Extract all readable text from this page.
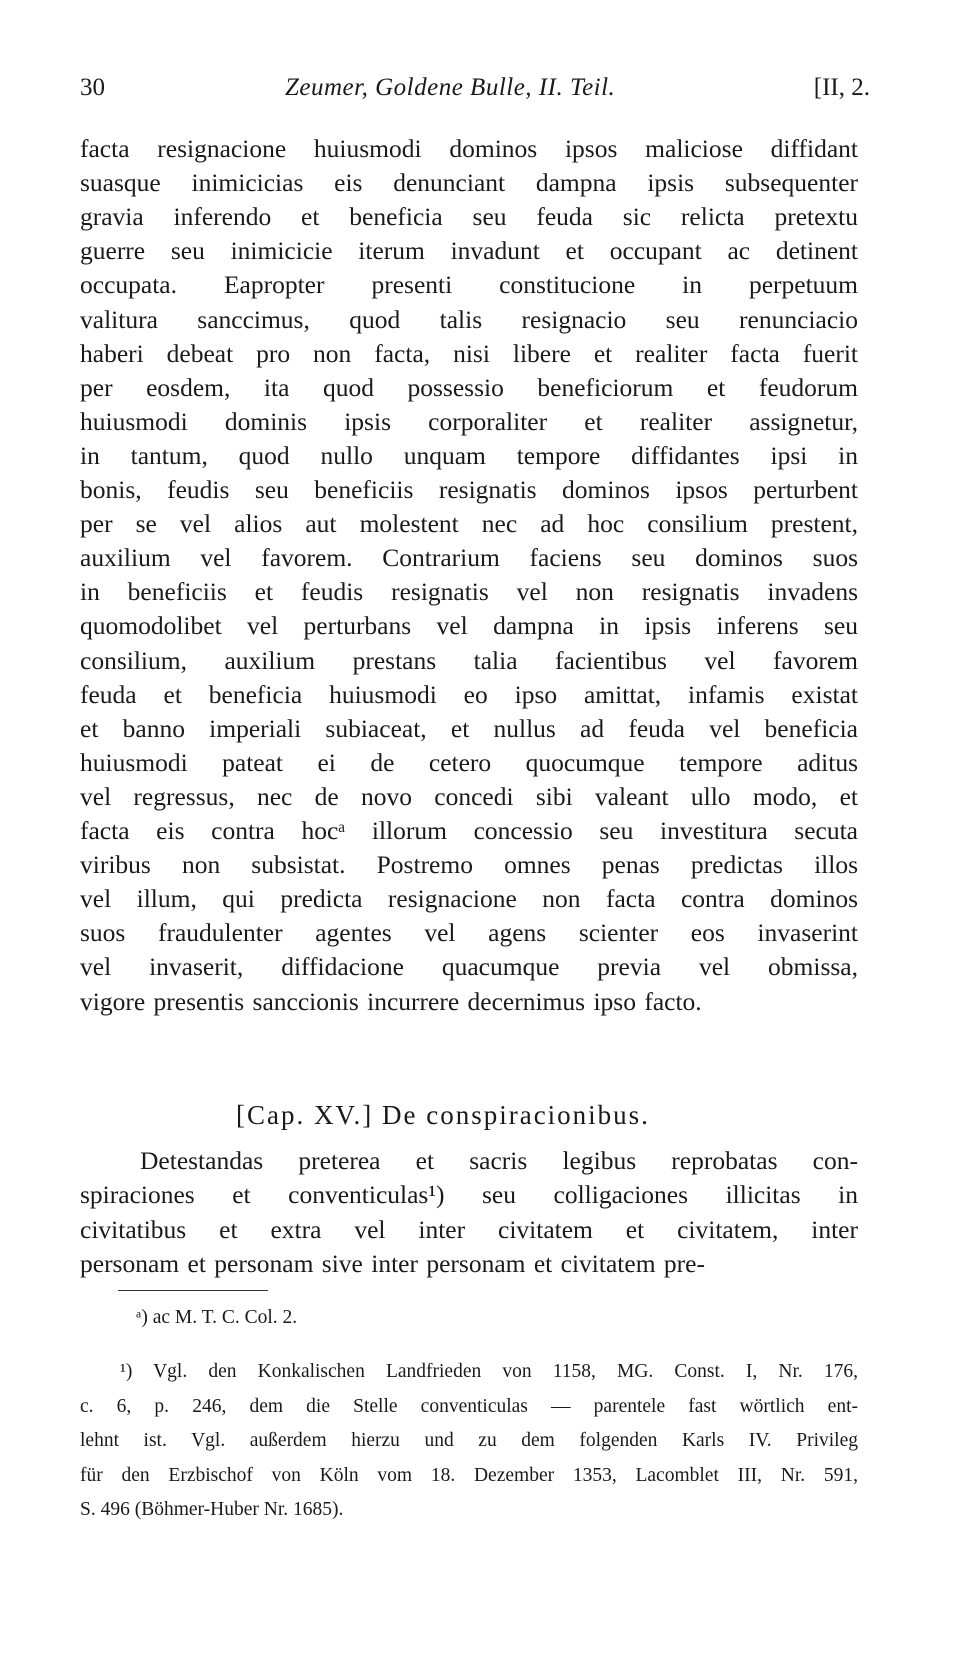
30	Zeumer, Goldene Bulle, II. Teil.	[II, 2.
facta resignacione huiusmodi dominos ipsos maliciose diffidant
suasque inimicicias eis denunciant dampna ipsis subsequenter
gravia inferendo et beneficia seu feuda sic relicta pretextu
guerre seu inimicicie iterum invadunt et occupant ac detinent
occupata. Eapropter presenti constitucione in perpetuum
valitura sanccimus, quod talis resignacio seu renunciacio
haberi debeat pro non facta, nisi libere et realiter facta fuerit
per eosdem, ita quod possessio beneficiorum et feudorum
huiusmodi dominis ipsis corporaliter et realiter assignetur,
in tantum, quod nullo unquam tempore diffidantes ipsi in
bonis, feudis seu beneficiis resignatis dominos ipsos perturbent
per se vel alios aut molestent nec ad hoc consilium prestent,
auxilium vel favorem. Contrarium faciens seu dominos suos
in beneficiis et feudis resignatis vel non resignatis invadens
quomodolibet vel perturbans vel dampna in ipsis inferens seu
consilium, auxilium prestans talia facientibus vel favorem
feuda et beneficia huiusmodi eo ipso amittat, infamis existat
et banno imperiali subiaceat, et nullus ad feuda vel beneficia
huiusmodi pateat ei de cetero quocumque tempore aditus
vel regressus, nec de novo concedi sibi valeant ullo modo, et
facta eis contra hocᵃ illorum concessio seu investitura secuta
viribus non subsistat. Postremo omnes penas predictas illos
vel illum, qui predicta resignacione non facta contra dominos
suos fraudulenter agentes vel agens scienter eos invaserint
vel invaserit, diffidacione quacumque previa vel obmissa,
vigore presentis sanccionis incurrere decernimus ipso facto.
[Cap. XV.] De conspiracionibus.
Detestandas preterea et sacris legibus reprobatas con-
spiraciones et conventiculas¹) seu colligaciones illicitas in
civitatibus et extra vel inter civitatem et civitatem, inter
personam et personam sive inter personam et civitatem pre-
ᵃ) ac M. T. C. Col. 2.
¹) Vgl. den Konkalischen Landfrieden von 1158, MG. Const. I, Nr. 176,
c. 6, p. 246, dem die Stelle conventiculas — parentele fast wörtlich ent-
lehnt ist. Vgl. außerdem hierzu und zu dem folgenden Karls IV. Privileg
für den Erzbischof von Köln vom 18. Dezember 1353, Lacomblet III, Nr. 591,
S. 496 (Böhmer-Huber Nr. 1685).
